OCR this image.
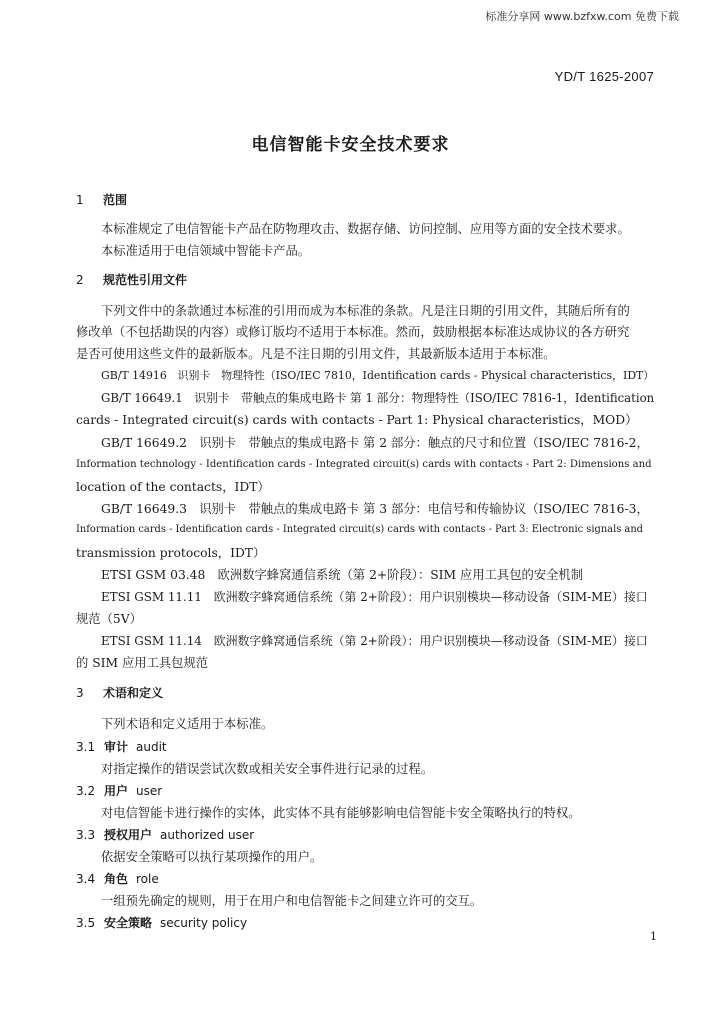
标准分享网 www.bzfxw.com 免费下载
YD/T 1625-2007
电信智能卡安全技术要求
1 范围
本标准规定了电信智能卡产品在防物理攻击、数据存储、访问控制、应用等方面的安全技术要求。
本标准适用于电信领域中智能卡产品。
2 规范性引用文件
下列文件中的条款通过本标准的引用而成为本标准的条款。凡是注日期的引用文件，其随后所有的
修改单（不包括勘误的内容）或修订版均不适用于本标准。然而，鼓励根据本标准达成协议的各方研究
是否可使用这些文件的最新版本。凡是不注日期的引用文件，其最新版本适用于本标准。
GB/T 14916　识别卡　物理特性（ISO/IEC 7810，Identification cards - Physical characteristics，IDT）
GB/T 16649.1　识别卡　带触点的集成电路卡 第 1 部分：物理特性（ISO/IEC 7816-1，Identification
cards - Integrated circuit(s) cards with contacts - Part 1: Physical characteristics，MOD）
GB/T 16649.2　识别卡　带触点的集成电路卡 第 2 部分：触点的尺寸和位置（ISO/IEC 7816-2，
Information technology - Identification cards - Integrated circuit(s) cards with contacts - Part 2: Dimensions and
location of the contacts，IDT）
GB/T 16649.3　识别卡　带触点的集成电路卡 第 3 部分：电信号和传输协议（ISO/IEC 7816-3，
Information cards - Identification cards - Integrated circuit(s) cards with contacts - Part 3: Electronic signals and
transmission protocols，IDT）
ETSI GSM 03.48　欧洲数字蜂窝通信系统（第 2+阶段）：SIM 应用工具包的安全机制
ETSI GSM 11.11　欧洲数字蜂窝通信系统（第 2+阶段）：用户识别模块—移动设备（SIM-ME）接口
规范（5V）
ETSI GSM 11.14　欧洲数字蜂窝通信系统（第 2+阶段）：用户识别模块—移动设备（SIM-ME）接口
的 SIM 应用工具包规范
3 术语和定义
下列术语和定义适用于本标准。
3.1 审计 audit
对指定操作的错误尝试次数或相关安全事件进行记录的过程。
3.2 用户 user
对电信智能卡进行操作的实体，此实体不具有能够影响电信智能卡安全策略执行的特权。
3.3 授权用户 authorized user
依据安全策略可以执行某项操作的用户。
3.4 角色 role
一组预先确定的规则，用于在用户和电信智能卡之间建立许可的交互。
3.5 安全策略 security policy
1
